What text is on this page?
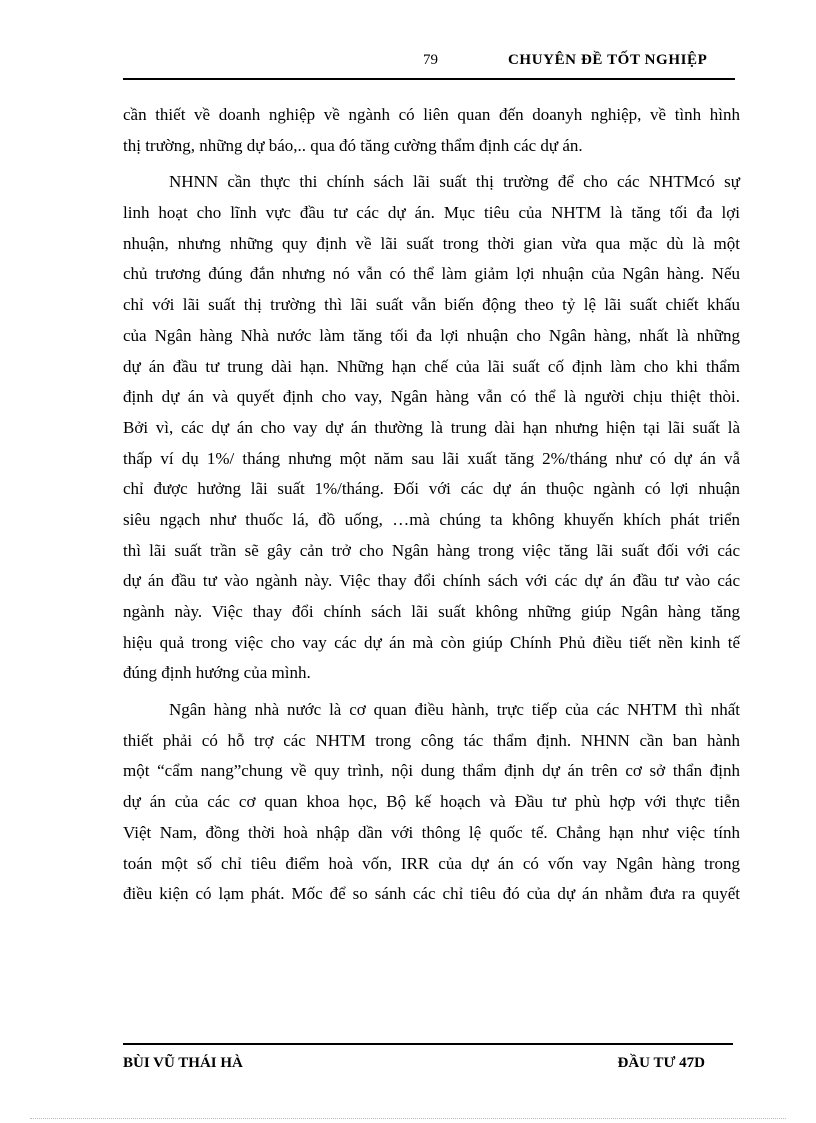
79	CHUYÊN ĐỀ TỐT NGHIỆP
cần thiết về doanh nghiệp về ngành có liên quan đến doanyh nghiệp, về tình hình
thị trường, những dự báo,.. qua đó tăng cường thẩm định các dự án.
NHNN cần thực thi chính sách lãi suất thị trường để cho các NHTMcó sự
linh hoạt cho lĩnh vực đầu tư các dự án. Mục tiêu của NHTM là tăng tối đa lợi
nhuận, nhưng những quy định về lãi suất trong thời gian vừa qua mặc dù là một
chủ trương đúng đắn nhưng nó vẫn có thể làm giảm lợi nhuận của Ngân hàng. Nếu
chỉ với lãi suất thị trường thì lãi suất vẫn biến động theo tỷ lệ lãi suất chiết khấu
của Ngân hàng Nhà nước làm tăng tối đa lợi nhuận cho Ngân hàng, nhất là những
dự án đầu tư trung dài hạn. Những hạn chế của lãi suất cố định làm cho khi thẩm
định dự án và quyết định cho vay, Ngân hàng vẫn có thể là người chịu thiệt thòi.
Bởi vì, các dự án cho vay dự án thường là trung dài hạn nhưng hiện tại lãi suất là
thấp ví dụ 1%/ tháng nhưng một năm sau lãi xuất tăng 2%/tháng như có dự án vẫ
chỉ được hưởng lãi suất 1%/tháng. Đối với các dự án thuộc ngành có lợi nhuận
siêu ngạch như thuốc lá, đồ uống, …mà chúng ta không khuyến khích phát triển
thì lãi suất trần sẽ gây cản trở cho Ngân hàng trong việc tăng lãi suất đối với các
dự án đầu tư vào ngành này. Việc thay đổi chính sách với các dự án đầu tư vào các
ngành này. Việc thay đổi chính sách lãi suất không những giúp Ngân hàng tăng
hiệu quả trong việc cho vay các dự án mà còn giúp Chính Phủ điều tiết nền kinh tế
đúng định hướng của mình.
Ngân hàng nhà nước là cơ quan điều hành, trực tiếp của các NHTM thì nhất
thiết phải có hỗ trợ các NHTM trong công tác thẩm định. NHNN cần ban hành
một “cẩm nang”chung về quy trình, nội dung thẩm định dự án trên cơ sở thẩn định
dự án của các cơ quan khoa học, Bộ kế hoạch và Đầu tư phù hợp với thực tiễn
Việt Nam, đồng thời hoà nhập dần với thông lệ quốc tế. Chẳng hạn như việc tính
toán một số chỉ tiêu điểm hoà vốn, IRR của dự án có vốn vay Ngân hàng trong
điều kiện có lạm phát. Mốc để so sánh các chỉ tiêu đó của dự án nhằm đưa ra quyết
BÙI VŨ THÁI HÀ	ĐẦU TƯ 47D
